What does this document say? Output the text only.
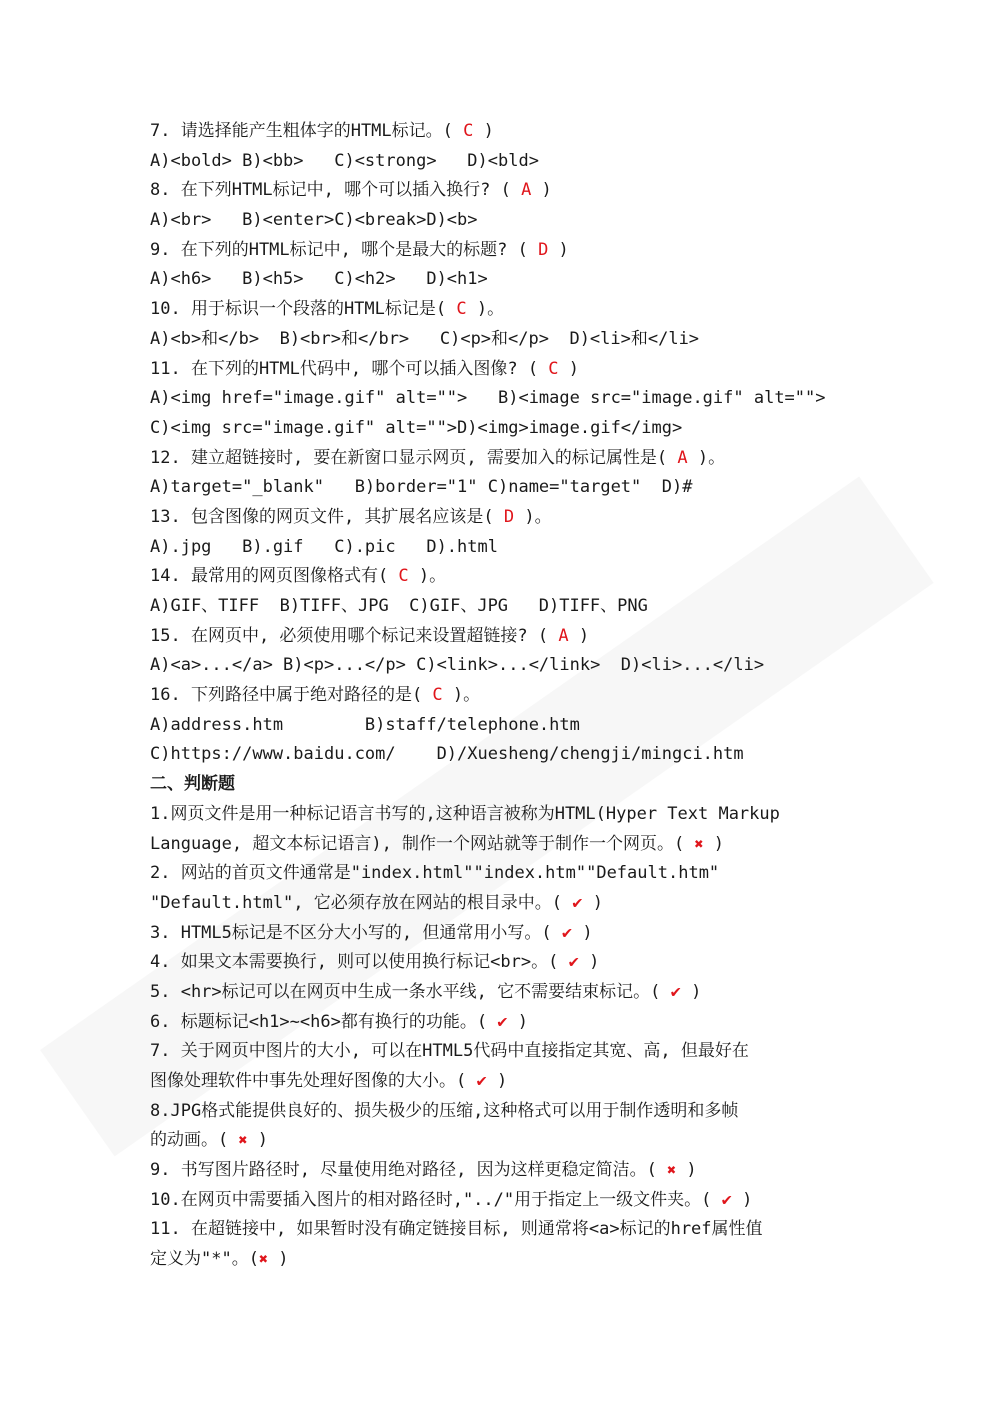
7. 请选择能产生粗体字的HTML标记。( C )
A)<bold> B)<bb>   C)<strong>   D)<bld>
8. 在下列HTML标记中, 哪个可以插入换行? ( A )
A)<br>   B)<enter>C)<break>D)<b>
9. 在下列的HTML标记中, 哪个是最大的标题? ( D )
A)<h6>   B)<h5>   C)<h2>   D)<h1>
10. 用于标识一个段落的HTML标记是( C )。
A)<b>和</b>  B)<br>和</br>   C)<p>和</p>  D)<li>和</li>
11. 在下列的HTML代码中, 哪个可以插入图像? ( C )
A)<img href="image.gif" alt="">   B)<image src="image.gif" alt="">
C)<img src="image.gif" alt="">D)<img>image.gif</img>
12. 建立超链接时, 要在新窗口显示网页, 需要加入的标记属性是( A )。
A)target="_blank"   B)border="1" C)name="target"  D)#
13. 包含图像的网页文件, 其扩展名应该是( D )。
A).jpg   B).gif   C).pic   D).html
14. 最常用的网页图像格式有( C )。
A)GIF、TIFF  B)TIFF、JPG  C)GIF、JPG   D)TIFF、PNG
15. 在网页中, 必须使用哪个标记来设置超链接? ( A )
A)<a>...</a> B)<p>...</p> C)<link>...</link>  D)<li>...</li>
16. 下列路径中属于绝对路径的是( C )。
A)address.htm        B)staff/telephone.htm
C)https://www.baidu.com/    D)/Xuesheng/chengji/mingci.htm
二、判断题
1.网页文件是用一种标记语言书写的,这种语言被称为HTML(Hyper Text Markup
Language, 超文本标记语言), 制作一个网站就等于制作一个网页。( ✖ )
2. 网站的首页文件通常是"index.html""index.htm""Default.htm"
"Default.html", 它必须存放在网站的根目录中。( ✔ )
3. HTML5标记是不区分大小写的, 但通常用小写。( ✔ )
4. 如果文本需要换行, 则可以使用换行标记<br>。( ✔ )
5. <hr>标记可以在网页中生成一条水平线, 它不需要结束标记。( ✔ )
6. 标题标记<h1>~<h6>都有换行的功能。( ✔ )
7. 关于网页中图片的大小, 可以在HTML5代码中直接指定其宽、高, 但最好在
图像处理软件中事先处理好图像的大小。( ✔ )
8.JPG格式能提供良好的、损失极少的压缩,这种格式可以用于制作透明和多帧
的动画。( ✖ )
9. 书写图片路径时, 尽量使用绝对路径, 因为这样更稳定简洁。( ✖ )
10.在网页中需要插入图片的相对路径时,"../"用于指定上一级文件夹。( ✔ )
11. 在超链接中, 如果暂时没有确定链接目标, 则通常将<a>标记的href属性值
定义为"*"。(✖ )
